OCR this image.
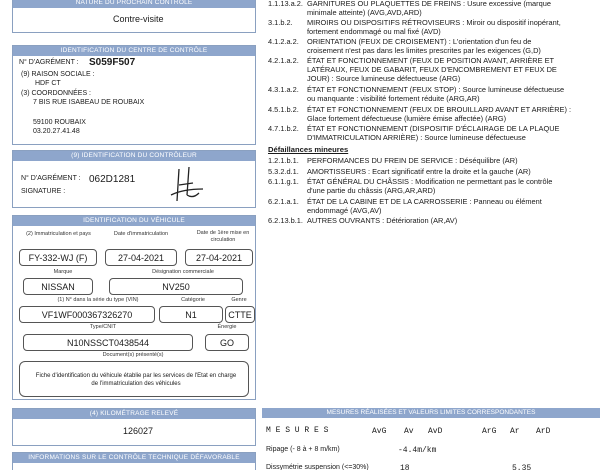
NATURE DU PROCHAIN CONTRÔLE
Contre-visite
IDENTIFICATION DU CENTRE DE CONTRÔLE
N° D'AGRÉMENT : S059F507
(9) RAISON SOCIALE :
HDF CT
(3) COORDONNÉES :
7 BIS RUE ISABEAU DE ROUBAIX
59100 ROUBAIX
03.20.27.41.48
(9) IDENTIFICATION DU CONTRÔLEUR
N° D'AGRÉMENT : 062D1281
SIGNATURE :
IDENTIFICATION DU VÉHICULE
(2) Immatriculation et pays	Date d'immatriculation	Date de 1ère mise en circulation
FY-332-WJ (F)	27-04-2021	27-04-2021
Marque	Désignation commerciale
NISSAN	NV250
(1) N° dans la série du type (VIN)	Catégorie	Genre
VF1WF000367326270	N1	CTTE
Type/CNIT	Énergie
N10NSSCT0438544	GO
Document(s) présenté(s)
Fiche d'identification du véhicule établie par les services de l'Etat en charge
de l'immatriculation des véhicules
(4) KILOMÉTRAGE RELEVÉ
126027
INFORMATIONS SUR LE CONTRÔLE TECHNIQUE DÉFAVORABLE
1.1.13.a.2. GARNITURES OU PLAQUETTES DE FREINS : Usure excessive (marque
minimale atteinte) (AVG,AVD,ARD)
3.1.b.2. MIROIRS OU DISPOSITIFS RÉTROVISEURS : Miroir ou dispositif inopérant,
fortement endommagé ou mal fixé (AVD)
4.1.2.a.2. ORIENTATION (FEUX DE CROISEMENT) : L'orientation d'un feu de
croisement n'est pas dans les limites prescrites par les exigences (G,D)
4.2.1.a.2. ÉTAT ET FONCTIONNEMENT (FEUX DE POSITION AVANT, ARRIÈRE ET
LATÉRAUX, FEUX DE GABARIT, FEUX D'ENCOMBREMENT ET FEUX DE
JOUR) : Source lumineuse défectueuse (ARG)
4.3.1.a.2. ÉTAT ET FONCTIONNEMENT (FEUX STOP) : Source lumineuse défectueuse
ou manquante : visibilité fortement réduite (ARG,AR)
4.5.1.b.2. ÉTAT ET FONCTIONNEMENT (FEUX DE BROUILLARD AVANT ET ARRIÈRE) :
Glace fortement défectueuse (lumière émise affectée) (ARG)
4.7.1.b.2. ÉTAT ET FONCTIONNEMENT (DISPOSITIF D'ÉCLAIRAGE DE LA PLAQUE
D'IMMATRICULATION ARRIÈRE) : Source lumineuse défectueuse
Défaillances mineures
1.2.1.b.1. PERFORMANCES DU FREIN DE SERVICE : Déséquilibre (AR)
5.3.2.d.1. AMORTISSEURS : Ecart significatif entre la droite et la gauche (AR)
6.1.1.g.1. ÉTAT GÉNÉRAL DU CHÂSSIS : Modification ne permettant pas le contrôle
d'une partie du châssis (ARG,AR,ARD)
6.2.1.a.1. ÉTAT DE LA CABINE ET DE LA CARROSSERIE : Panneau ou élément
endommagé (AVG,AV)
6.2.13.b.1. AUTRES OUVRANTS : Détérioration (AR,AV)
MESURES RÉALISÉES ET VALEURS LIMITES CORRESPONDANTES
M E S U R E S	AvG Av AvD	ArG Ar ArD
Ripage (- 8 à + 8 m/km)	-4.4m/km
Dissymétrie suspension (<=30%)	18	5.35
